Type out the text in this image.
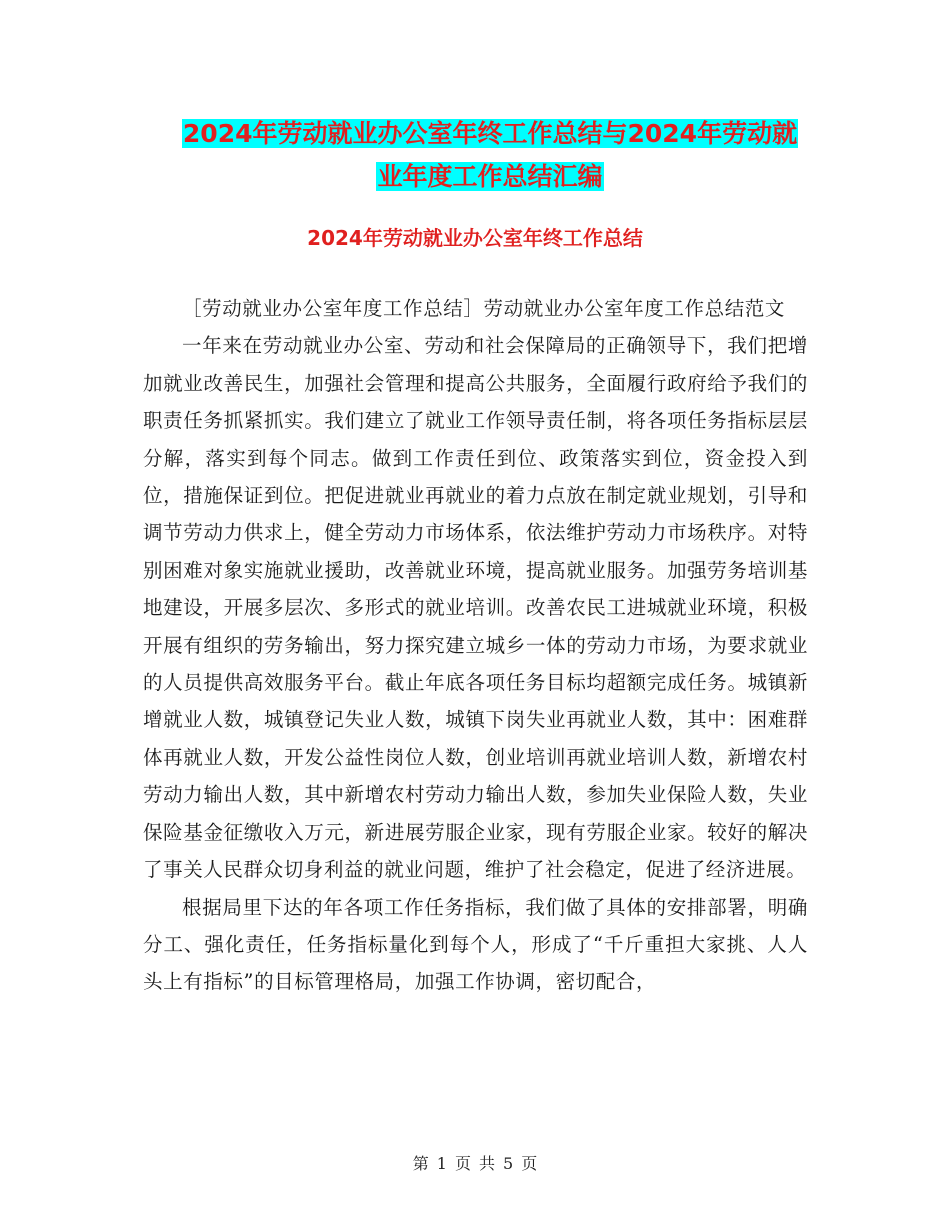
2024年劳动就业办公室年终工作总结与2024年劳动就
业年度工作总结汇编
2024年劳动就业办公室年终工作总结

［劳动就业办公室年度工作总结］劳动就业办公室年度工作总结范文

一年来在劳动就业办公室、劳动和社会保障局的正确领导下，我们把增加就业改善民生，加强社会管理和提高公共服务，全面履行政府给予我们的职责任务抓紧抓实。我们建立了就业工作领导责任制，将各项任务指标层层分解，落实到每个同志。做到工作责任到位、政策落实到位，资金投入到位，措施保证到位。把促进就业再就业的着力点放在制定就业规划，引导和调节劳动力供求上，健全劳动力市场体系，依法维护劳动力市场秩序。对特别困难对象实施就业援助，改善就业环境，提高就业服务。加强劳务培训基地建设，开展多层次、多形式的就业培训。改善农民工进城就业环境，积极开展有组织的劳务输出，努力探究建立城乡一体的劳动力市场，为要求就业的人员提供高效服务平台。截止年底各项任务目标均超额完成任务。城镇新增就业人数，城镇登记失业人数，城镇下岗失业再就业人数，其中：困难群体再就业人数，开发公益性岗位人数，创业培训再就业培训人数，新增农村劳动力输出人数，其中新增农村劳动力输出人数，参加失业保险人数，失业保险基金征缴收入万元，新进展劳服企业家，现有劳服企业家。较好的解决了事关人民群众切身利益的就业问题，维护了社会稳定，促进了经济进展。

根据局里下达的年各项工作任务指标，我们做了具体的安排部署，明确分工、强化责任，任务指标量化到每个人，形成了“千斤重担大家挑、人人头上有指标”的目标管理格局，加强工作协调，密切配合，

第 1 页 共 5 页
